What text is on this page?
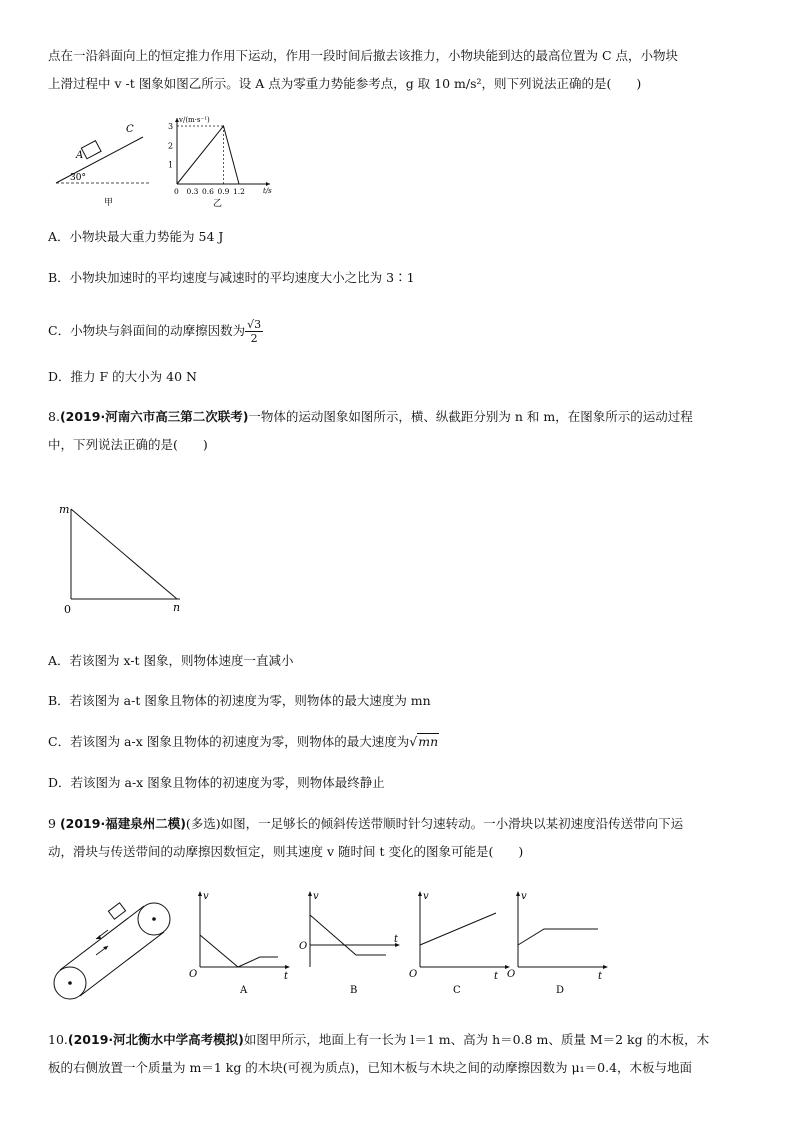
点在一沿斜面向上的恒定推力作用下运动，作用一段时间后撤去该推力，小物块能到达的最高位置为 C 点，小物块
上滑过程中 v -t 图象如图乙所示。设 A 点为零重力势能参考点，g 取 10 m/s²，则下列说法正确的是(　　)
A
C
30°
甲
v/(m·s⁻¹)
t/s
3
2
1
0 0.3 0.6 0.9 1.2
乙
A．小物块最大重力势能为 54 J
B．小物块加速时的平均速度与减速时的平均速度大小之比为 3∶1
C．小物块与斜面间的动摩擦因数为 $\frac{√3}{2}$
D．推力 F 的大小为 40 N
8.(2019·河南六市高三第二次联考)一物体的运动图象如图所示，横、纵截距分别为 n 和 m，在图象所示的运动过程
中，下列说法正确的是(　　)
m
n
0
A．若该图为 x-t 图象，则物体速度一直减小
B．若该图为 a-t 图象且物体的初速度为零，则物体的最大速度为 mn
C．若该图为 a-x 图象且物体的初速度为零，则物体的最大速度为√mn
D．若该图为 a-x 图象且物体的初速度为零，则物体最终静止
9 (2019·福建泉州二模)(多选)如图，一足够长的倾斜传送带顺时针匀速转动。一小滑块以某初速度沿传送带向下运
动，滑块与传送带间的动摩擦因数恒定，则其速度 v 随时间 t 变化的图象可能是(　　)
v
t
O
A
v
t
O
B
v
t
O
C
v
t
O
D
10.(2019·河北衡水中学高考模拟)如图甲所示，地面上有一长为 l＝1 m、高为 h＝0.8 m、质量 M＝2 kg 的木板，木
板的右侧放置一个质量为 m＝1 kg 的木块(可视为质点)，已知木板与木块之间的动摩擦因数为 μ₁＝0.4，木板与地面
